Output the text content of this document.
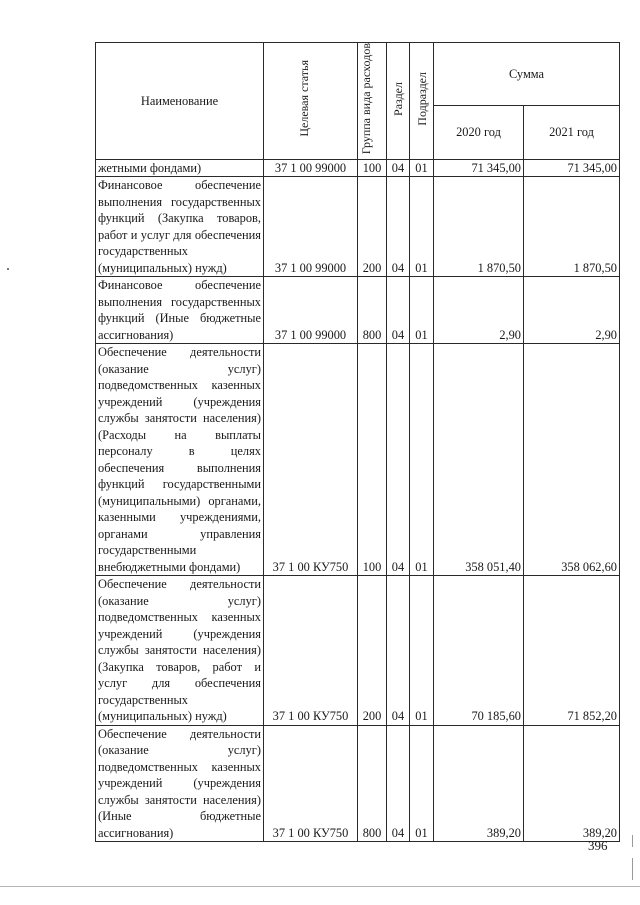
Наименование	Целевая статья	Группа вида расходов	Раздел	Подраздел	Сумма	
					2020 год	2021 год
жетными фондами)	37 1 00 99000	100	04	01	71 345,00	71 345,00
Финансовое обеспечение выполнения государственных функций (Закупка товаров, работ и услуг для обеспечения государственных (муниципальных) нужд)	37 1 00 99000	200	04	01	1 870,50	1 870,50
Финансовое обеспечение выполнения государственных функций (Иные бюджетные ассигнования)	37 1 00 99000	800	04	01	2,90	2,90
Обеспечение деятельности (оказание услуг) подведомственных казенных учреждений (учреждения службы занятости населения) (Расходы на выплаты персоналу в целях обеспечения выполнения функций государственными (муниципальными) органами, казенными учреждениями, органами управления государственными внебюджетными фондами)	37 1 00 КУ750	100	04	01	358 051,40	358 062,60
Обеспечение деятельности (оказание услуг) подведомственных казенных учреждений (учреждения службы занятости населения) (Закупка товаров, работ и услуг для обеспечения государственных (муниципальных) нужд)	37 1 00 КУ750	200	04	01	70 185,60	71 852,20
Обеспечение деятельности (оказание услуг) подведомственных казенных учреждений (учреждения службы занятости населения) (Иные бюджетные ассигнования)	37 1 00 КУ750	800	04	01	389,20	389,20
396
